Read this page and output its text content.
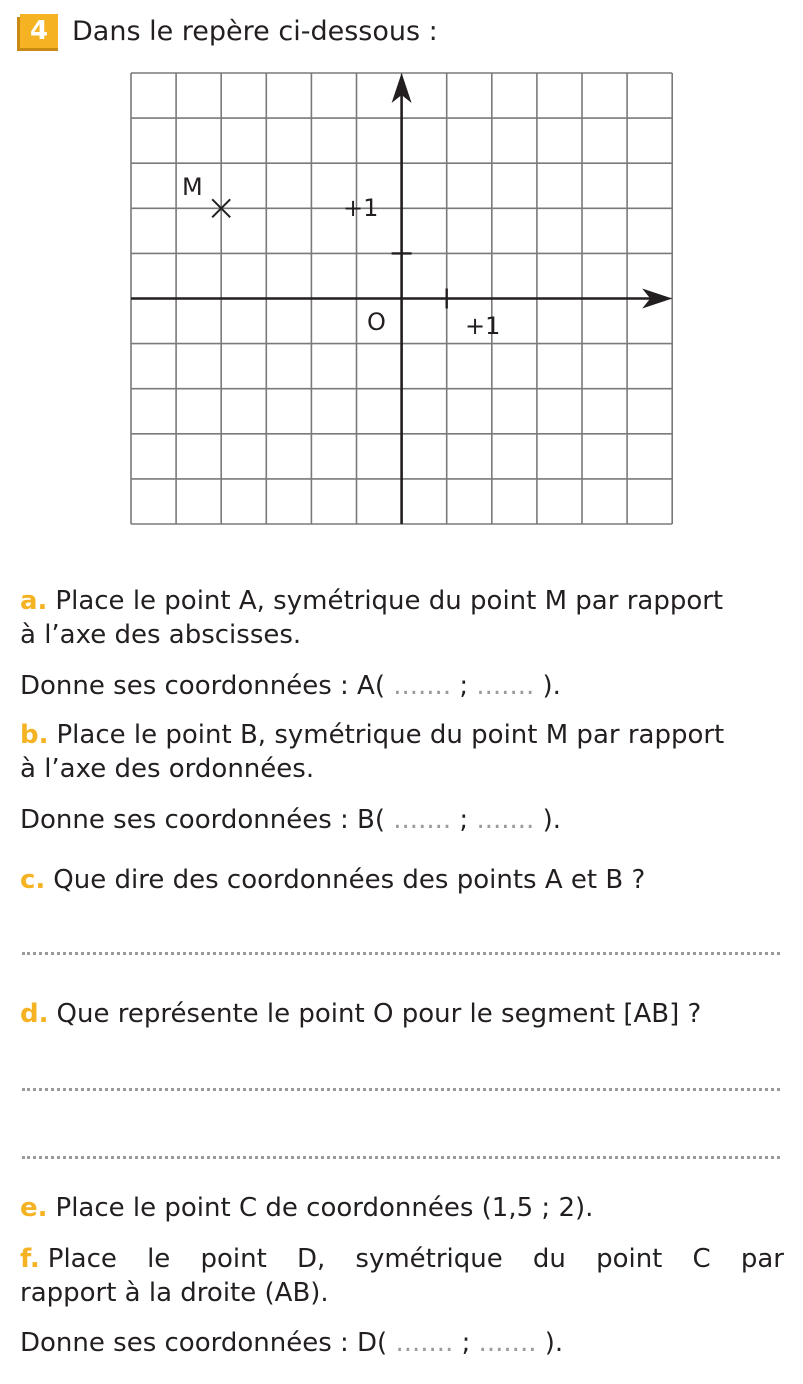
4 Dans le repère ci-dessous :
M
+1
O	+1
a. Place le point A, symétrique du point M par rapport
à l’axe des abscisses.
Donne ses coordonnées : A( ....... ; ....... ).
b. Place le point B, symétrique du point M par rapport
à l’axe des ordonnées.
Donne ses coordonnées : B( ....... ; ....... ).
c. Que dire des coordonnées des points A et B ?
d. Que représente le point O pour le segment [AB] ?
e. Place le point C de coordonnées (1,5 ; 2).
f. Place le point D, symétrique du point C par
rapport à la droite (AB).
Donne ses coordonnées : D( ....... ; ....... ).
